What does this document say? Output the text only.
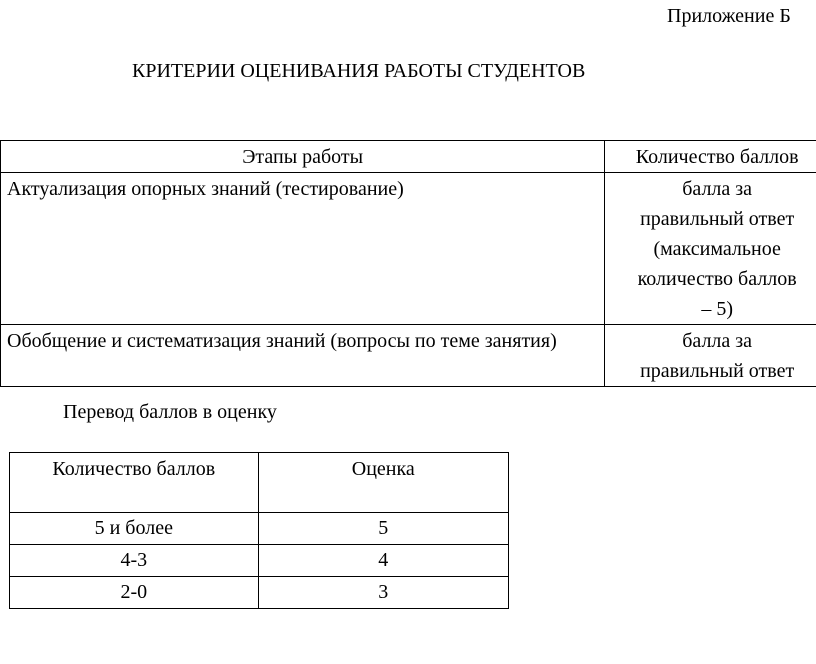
Приложение Б
КРИТЕРИИ ОЦЕНИВАНИЯ РАБОТЫ СТУДЕНТОВ
Этапы работы	Количество баллов
Актуализация опорных знаний (тестирование)	балла за
правильный ответ
(максимальное
количество баллов
– 5)

Обобщение и систематизация знаний (вопросы по теме занятия)	балла за
правильный ответ
Перевод баллов в оценку
Количество баллов	Оценка
5 и более	5
4-3	4
2-0	3
